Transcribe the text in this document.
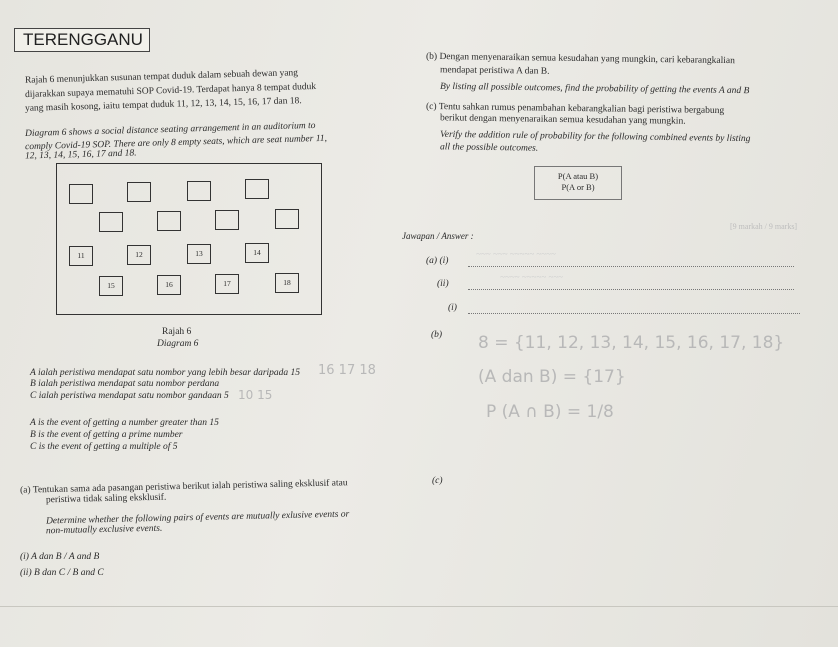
TERENGGANU
Rajah 6 menunjukkan susunan tempat duduk dalam sebuah dewan yang
dijarakkan supaya mematuhi SOP Covid-19. Terdapat hanya 8 tempat duduk
yang masih kosong, iaitu tempat duduk 11, 12, 13, 14, 15, 16, 17 dan 18.
Diagram 6 shows a social distance seating arrangement in an auditorium to
comply Covid-19 SOP. There are only 8 empty seats, which are seat number 11,
12, 13, 14, 15, 16, 17 and 18.
11	12	13	14
15	16	17	18
Rajah 6
Diagram 6
A ialah peristiwa mendapat satu nombor yang lebih besar daripada 15
B ialah peristiwa mendapat satu nombor perdana
C ialah peristiwa mendapat satu nombor gandaan 5
16 17 18
10 15
A is the event of getting a number greater than 15
B is the event of getting a prime number
C is the event of getting a multiple of 5
(a) Tentukan sama ada pasangan peristiwa berikut ialah peristiwa saling eksklusif atau
peristiwa tidak saling eksklusif.
Determine whether the following pairs of events are mutually exlusive events or
non-mutually exclusive events.
(i) A dan B / A and B
(ii) B dan C / B and C
(b) Dengan menyenaraikan semua kesudahan yang mungkin, cari kebarangkalian
mendapat peristiwa A dan B.
By listing all possible outcomes, find the probability of getting the events A and B
(c) Tentu sahkan rumus penambahan kebarangkalian bagi peristiwa bergabung
berikut dengan menyenaraikan semua kesudahan yang mungkin.
Verify the addition rule of probability for the following combined events by listing
all the possible outcomes.
P(A atau B)
P(A or B)
Jawapan / Answer :
[9 markah / 9 marks]
(a) (i)
~~~ ~~~ ~~~~~ ~~~~
(ii)
~~~~ ~~~~~ ~~~
(i)
(b) 8 = {11, 12, 13, 14, 15, 16, 17, 18}
(A dan B) = {17}
P (A ∩ B) = 1/8
(c)
